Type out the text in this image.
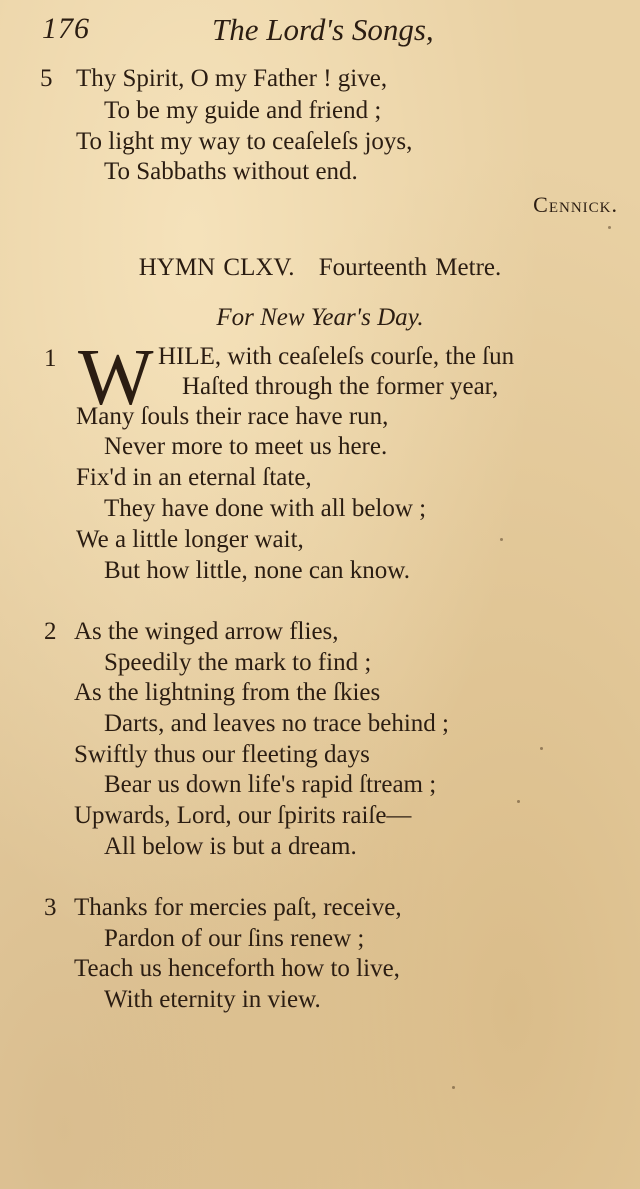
176	The Lord's Songs,
5 Thy Spirit, O my Father ! give,
To be my guide and friend ;
To light my way to ceaſeleſs joys,
To Sabbaths without end.
Cennick.
HYMN CLXV. Fourteenth Metre.
For New Year's Day.
1 W HILE, with ceaſeleſs courſe, the ſun
Haſted through the former year,
Many ſouls their race have run,
Never more to meet us here.
Fix'd in an eternal ſtate,
They have done with all below ;
We a little longer wait,
But how little, none can know.
2 As the winged arrow flies,
Speedily the mark to find ;
As the lightning from the ſkies
Darts, and leaves no trace behind ;
Swiftly thus our fleeting days
Bear us down life's rapid ſtream ;
Upwards, Lord, our ſpirits raiſe—
All below is but a dream.
3 Thanks for mercies paſt, receive,
Pardon of our ſins renew ;
Teach us henceforth how to live,
With eternity in view.
